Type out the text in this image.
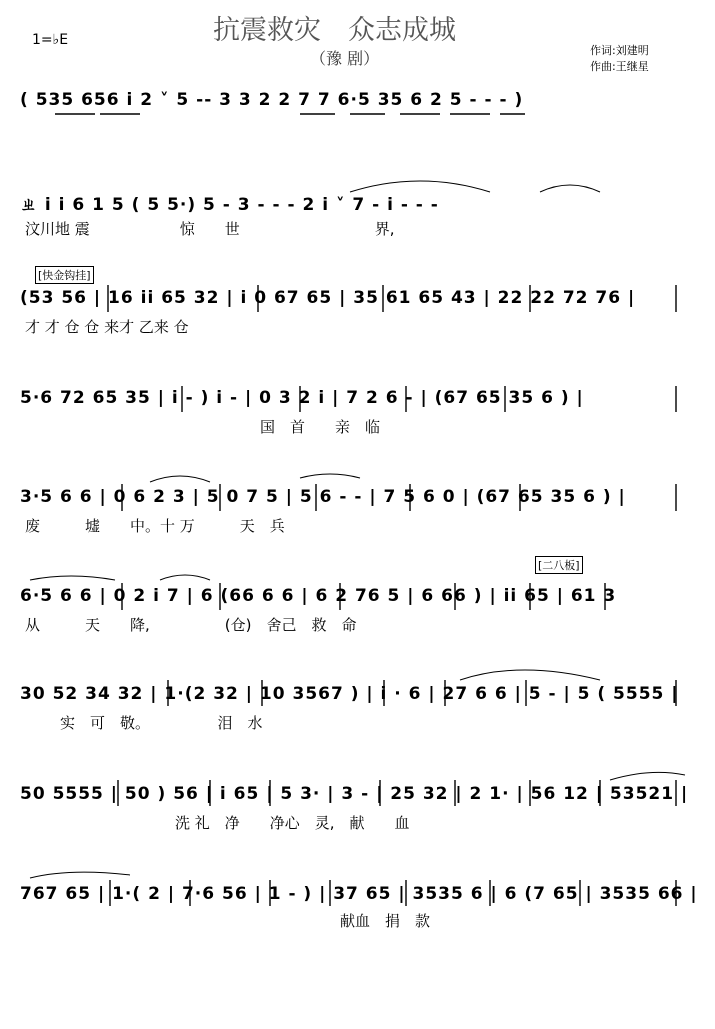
1=♭E	抗震救灾　众志成城
（豫 剧）	作词:刘建明
作曲:王继星
( 535 656 i 2 ˅ 5 -- 3 3 2 2 7 7 6·5 35 6 2 5 - - - )
ㄓ i i 6 1 5 ( 5 5·) 5 - 3 - - - 2 i ˅ 7 - i - - -
汶川地 震　　　　　　惊　　世　　　　　　　　　界,
[快金钩挂]
(53 56 | 16 ii 65 32 | i 0 67 65 | 35 61 65 43 | 22 22 72 76 |
才 才 仓 仓 来才 乙来 仓
5·6 72 65 35 | i - ) i - | 0 3 2 i | 7 2 6 - | (67 65 35 6 ) |
国　首　　亲　临
3·5 6 6 | 0 6 2 3 | 5 0 7 5 | 5 6 - - | 7 5 6 0 | (67 65 35 6 ) |
废　　　墟　　中。十 万　　　天　兵
[二八板]
6·5 6 6 | 0 2 i 7 | 6 (66 6 6 | 6 2 76 5 | 6 66 ) | ii 65 | 61 3
从　　　天　　降,　　　　　(仓)　舍己　救　命
30 52 34 32 | 1·(2 32 | 10 3567 ) | i · 6 | 27 6 6 | 5 - | 5 ( 5555 |
实　可　敬。　　　　　泪　水
50 5555 | 50 ) 56 | i 65 | 5 3· | 3 - | 25 32 | 2 1· | 56 12 | 53521 |
洗 礼　净　　净心　灵,　献　　血
767 65 | 1·( 2 | 7·6 56 | 1 - ) | 37 65 | 3535 6 | 6 (7 65 | 3535 66 |
献血　捐　款
